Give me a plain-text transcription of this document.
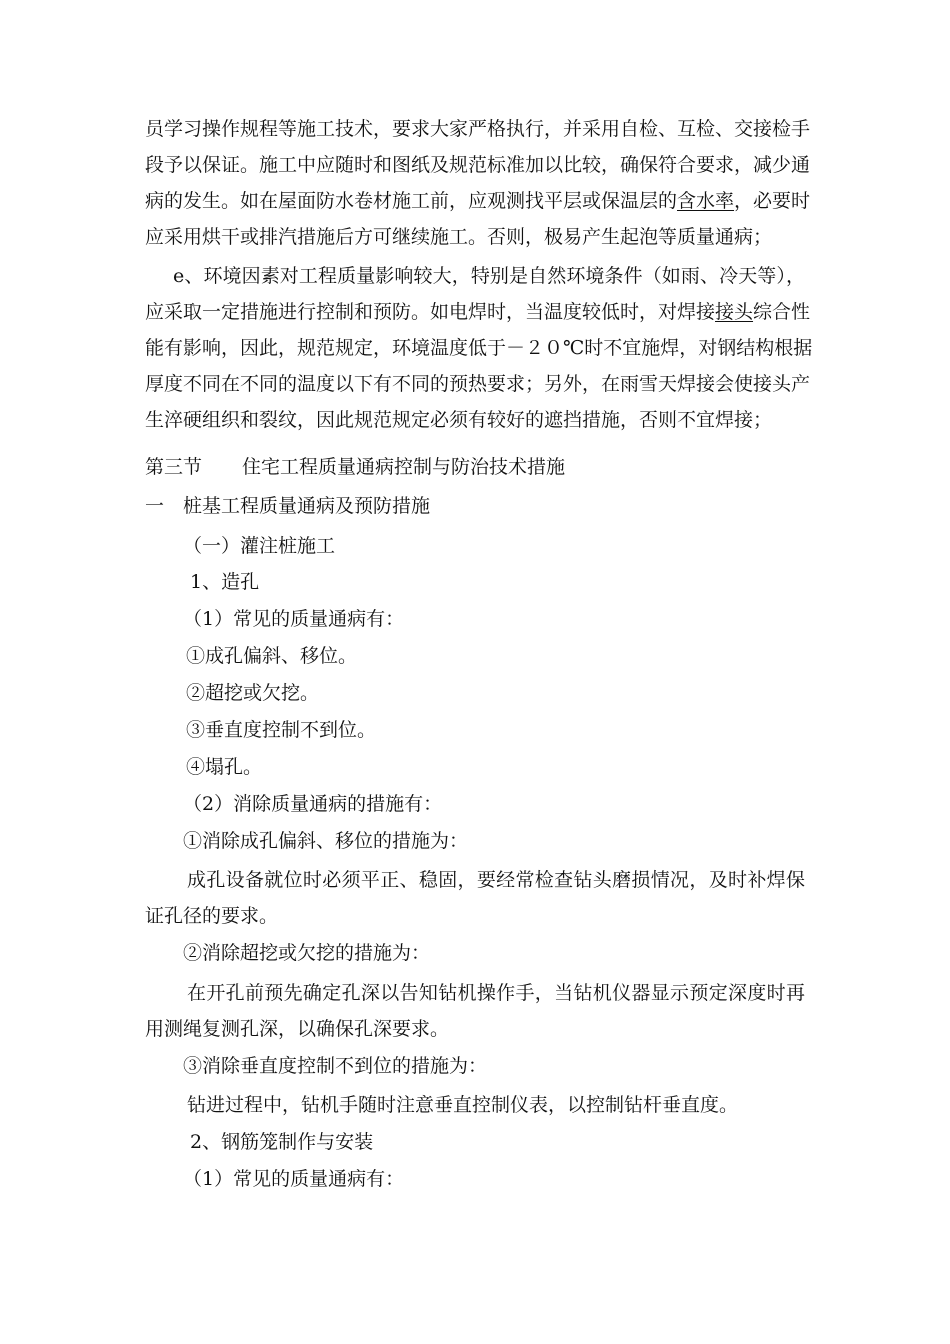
员学习操作规程等施工技术，要求大家严格执行，并采用自检、互检、交接检手
段予以保证。施工中应随时和图纸及规范标准加以比较，确保符合要求，减少通
病的发生。如在屋面防水卷材施工前，应观测找平层或保温层的含水率，必要时
应采用烘干或排汽措施后方可继续施工。否则，极易产生起泡等质量通病；
e、环境因素对工程质量影响较大，特别是自然环境条件（如雨、冷天等），
应采取一定措施进行控制和预防。如电焊时，当温度较低时，对焊接接头综合性
能有影响，因此，规范规定，环境温度低于－２０℃时不宜施焊，对钢结构根据
厚度不同在不同的温度以下有不同的预热要求；另外，在雨雪天焊接会使接头产
生淬硬组织和裂纹，因此规范规定必须有较好的遮挡措施，否则不宜焊接；
第三节 住宅工程质量通病控制与防治技术措施
一 桩基工程质量通病及预防措施
（一）灌注桩施工
1、造孔
（1）常见的质量通病有：
①成孔偏斜、移位。
②超挖或欠挖。
③垂直度控制不到位。
④塌孔。
（2）消除质量通病的措施有：
①消除成孔偏斜、移位的措施为：
成孔设备就位时必须平正、稳固，要经常检查钻头磨损情况，及时补焊保
证孔径的要求。
②消除超挖或欠挖的措施为：
在开孔前预先确定孔深以告知钻机操作手，当钻机仪器显示预定深度时再
用测绳复测孔深，以确保孔深要求。
③消除垂直度控制不到位的措施为：
钻进过程中，钻机手随时注意垂直控制仪表，以控制钻杆垂直度。
2、钢筋笼制作与安装
（1）常见的质量通病有：
